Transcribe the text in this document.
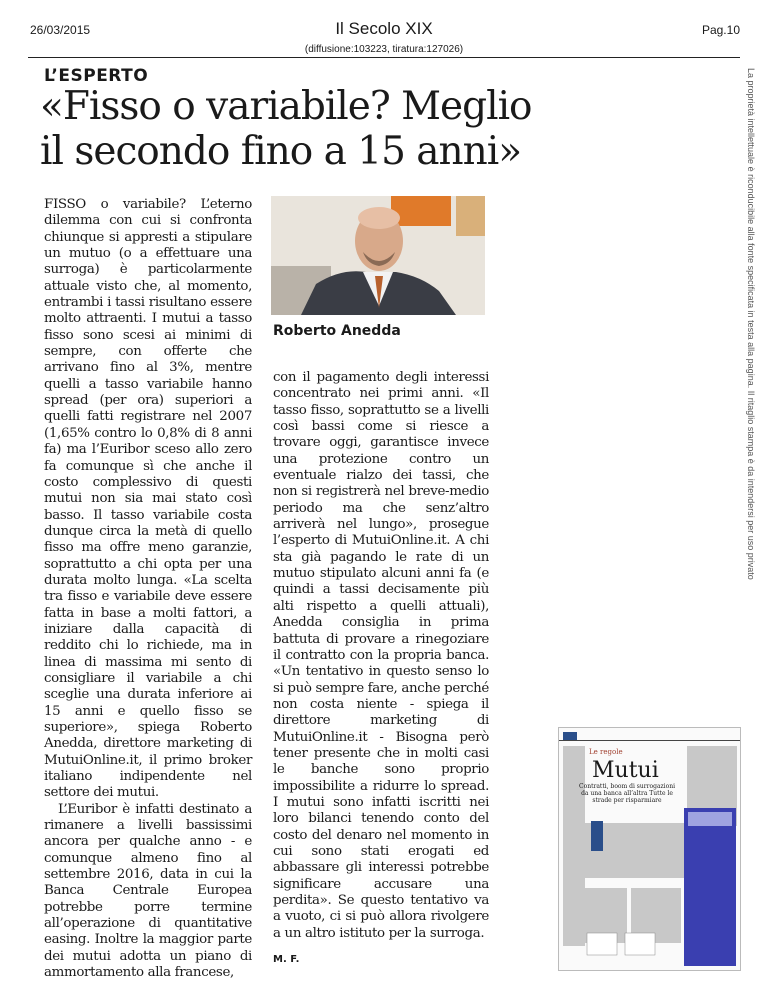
26/03/2015	Il Secolo XIX
(diffusione:103223, tiratura:127026)
Pag.10
La proprietà intellettuale è riconducibile alla fonte specificata in testa alla pagina. Il ritaglio stampa è da intendersi per uso privato
L’ESPERTO
«Fisso o variabile? Meglio
il secondo fino a 15 anni»

FISSO o variabile? L’eterno dilemma con cui si confronta chiunque si appresti a stipulare un mutuo (o a effettuare una surroga) è particolarmente attuale visto che, al momento, entrambi i tassi risultano essere molto attraenti. I mutui a tasso fisso sono scesi ai minimi di sempre, con offerte che arrivano fino al 3%, mentre quelli a tasso variabile hanno spread (per ora) superiori a quelli fatti registrare nel 2007 (1,65% contro lo 0,8% di 8 anni fa) ma l’Euribor sceso allo zero fa comunque sì che anche il costo complessivo di questi mutui non sia mai stato così basso. Il tasso variabile costa dunque circa la metà di quello fisso ma offre meno garanzie, soprattutto a chi opta per una durata molto lunga. «La scelta tra fisso e variabile deve essere fatta in base a molti fattori, a iniziare dalla capacità di reddito chi lo richiede, ma in linea di massima mi sento di consigliare il variabile a chi sceglie una durata inferiore ai 15 anni e quello fisso se superiore», spiega Roberto Anedda, direttore marketing di MutuiOnline.it, il primo broker italiano indipendente nel settore dei mutui.

L’Euribor è infatti destinato a rimanere a livelli bassissimi ancora per qualche anno - e comunque almeno fino al settembre 2016, data in cui la Banca Centrale Europea potrebbe porre termine all’operazione di quantitative easing. Inoltre la maggior parte dei mutui adotta un piano di ammortamento alla francese,

Roberto Anedda

con il pagamento degli interessi concentrato nei primi anni. «Il tasso fisso, soprattutto se a livelli così bassi come si riesce a trovare oggi, garantisce invece una protezione contro un eventuale rialzo dei tassi, che non si registrerà nel breve-medio periodo ma che senz’altro arriverà nel lungo», prosegue l’esperto di MutuiOnline.it. A chi sta già pagando le rate di un mutuo stipulato alcuni anni fa (e quindi a tassi decisamente più alti rispetto a quelli attuali), Anedda consiglia in prima battuta di provare a rinegoziare il contratto con la propria banca. «Un tentativo in questo senso lo si può sempre fare, anche perché non costa niente - spiega il direttore marketing di MutuiOnline.it - Bisogna però tener presente che in molti casi le banche sono proprio impossibilite a ridurre lo spread. I mutui sono infatti iscritti nei loro bilanci tenendo conto del costo del denaro nel momento in cui sono stati erogati ed abbassare gli interessi potrebbe significare accusare una perdita». Se questo tentativo va a vuoto, ci si può allora rivolgere a un altro istituto per la surroga.

M. F.
Le regole
Mutui
Contratti, boom di surrogazioni da una banca all’altra Tutte le strade per risparmiare
